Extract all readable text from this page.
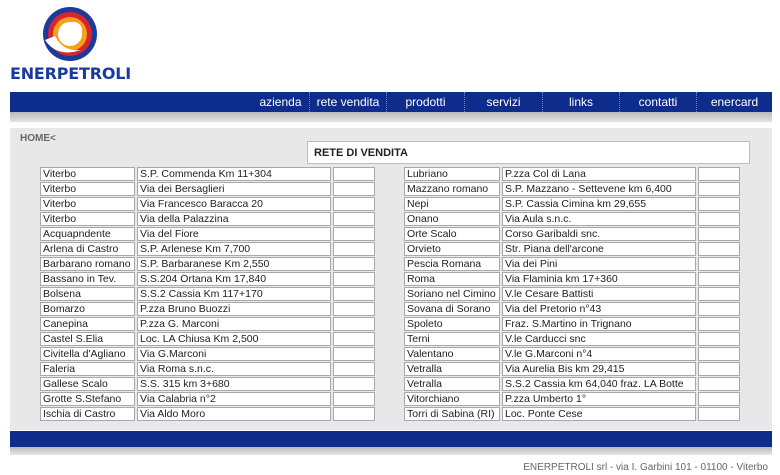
ENERPETROLI
azienda	rete vendita	prodotti	servizi	links	contatti	enercard
HOME<
RETE DI VENDITA
Viterbo	S.P. Commenda Km 11+304
Viterbo	Via dei Bersaglieri
Viterbo	Via Francesco Baracca 20
Viterbo	Via della Palazzina
Acquapndente	Via del Fiore
Arlena di Castro	S.P. Arlenese Km 7,700
Barbarano romano S.P. Barbaranese Km 2,550
Bassano in Tev.	S.S.204 Ortana Km 17,840
Bolsena	S.S.2 Cassia Km 117+170
Bomarzo	P.zza Bruno Buozzi
Canepina	P.zza G. Marconi
Castel S.Elia	Loc. LA Chiusa Km 2,500
Civitella d'Agliano	Via G.Marconi
Faleria	Via Roma s.n.c.
Gallese Scalo	S.S. 315 km 3+680
Grotte S.Stefano	Via Calabria n°2
Ischia di Castro	Via Aldo Moro
Lubriano	P.zza Col di Lana
Mazzano romano	S.P. Mazzano - Settevene km 6,400
Nepi	S.P. Cassia Cimina km 29,655
Onano	Via Aula s.n.c.
Orte Scalo	Corso Garibaldi snc.
Orvieto	Str. Piana dell'arcone
Pescia Romana	Via dei Pini
Roma	Via Flaminia km 17+360
Soriano nel Cimino V.le Cesare Battisti
Sovana di Sorano	Via del Pretorio n°43
Spoleto	Fraz. S.Martino in Trignano
Terni	V.le Carducci snc
Valentano	V.le G.Marconi n°4
Vetralla	Via Aurelia Bis km 29,415
Vetralla	S.S.2 Cassia km 64,040 fraz. LA Botte
Vitorchiano	P.zza Umberto 1°
Torri di Sabina (RI) Loc. Ponte Cese
ENERPETROLI srl - via I. Garbini 101 - 01100 - Viterbo
